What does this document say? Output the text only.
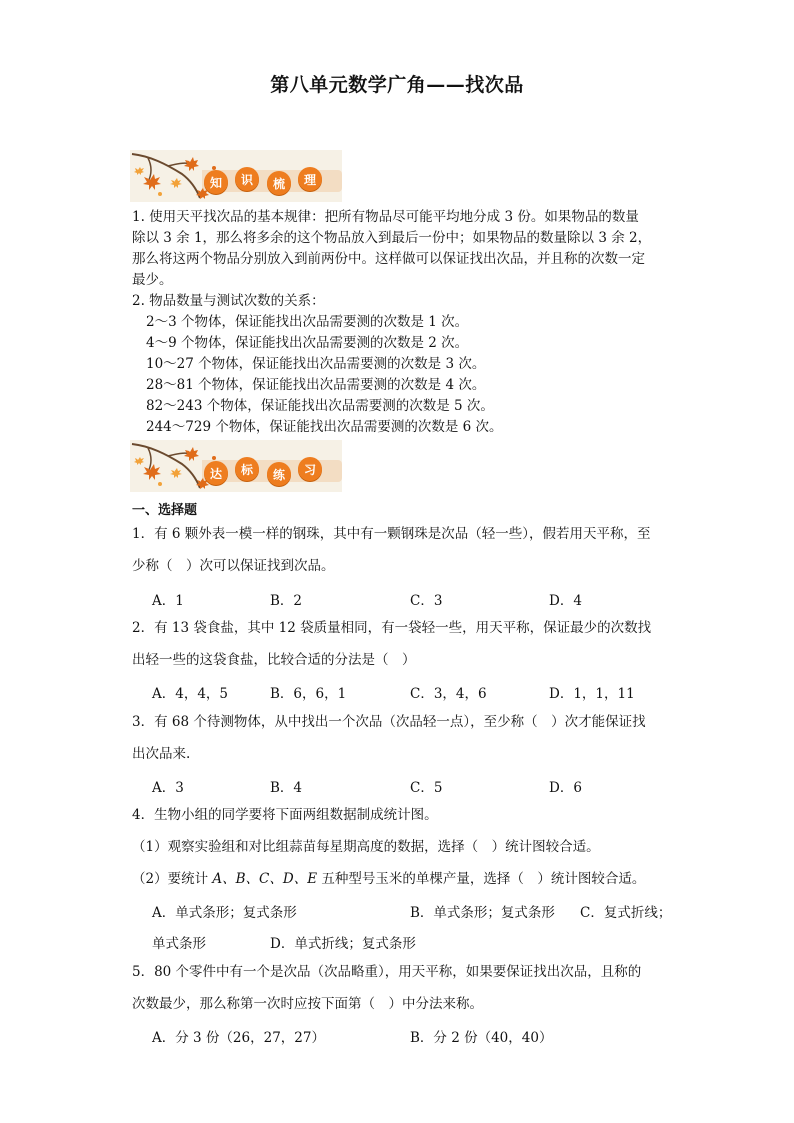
第八单元数学广角——找次品
知	识	梳	理
1. 使用天平找次品的基本规律：把所有物品尽可能平均地分成 3 份。如果物品的数量
除以 3 余 1，那么将多余的这个物品放入到最后一份中；如果物品的数量除以 3 余 2，
那么将这两个物品分别放入到前两份中。这样做可以保证找出次品，并且称的次数一定
最少。
2. 物品数量与测试次数的关系：
2～3 个物体，保证能找出次品需要测的次数是 1 次。
4～9 个物体，保证能找出次品需要测的次数是 2 次。
10～27 个物体，保证能找出次品需要测的次数是 3 次。
28～81 个物体，保证能找出次品需要测的次数是 4 次。
82～243 个物体，保证能找出次品需要测的次数是 5 次。
244～729 个物体，保证能找出次品需要测的次数是 6 次。
达	标	练	习
一、选择题
1．有 6 颗外表一模一样的钢珠，其中有一颗钢珠是次品（轻一些），假若用天平称，至
少称（　）次可以保证找到次品。
A．1	B．2	C．3	D．4
2．有 13 袋食盐，其中 12 袋质量相同，有一袋轻一些，用天平称，保证最少的次数找
出轻一些的这袋食盐，比较合适的分法是（　）
A．4，4，5	B．6，6，1	C．3，4，6	D．1，1，11
3．有 68 个待测物体，从中找出一个次品（次品轻一点），至少称（　）次才能保证找
出次品来.
A．3	B．4	C．5	D．6
4．生物小组的同学要将下面两组数据制成统计图。
（1）观察实验组和对比组蒜苗每星期高度的数据，选择（　）统计图较合适。
（2）要统计 A、B、C、D、E 五种型号玉米的单棵产量，选择（　）统计图较合适。
A．单式条形；复式条形	B．单式条形；复式条形 C．复式折线；
单式条形	D．单式折线；复式条形
5．80 个零件中有一个是次品（次品略重），用天平称，如果要保证找出次品，且称的
次数最少，那么称第一次时应按下面第（　）中分法来称。
A．分 3 份（26，27，27）	B．分 2 份（40，40）
